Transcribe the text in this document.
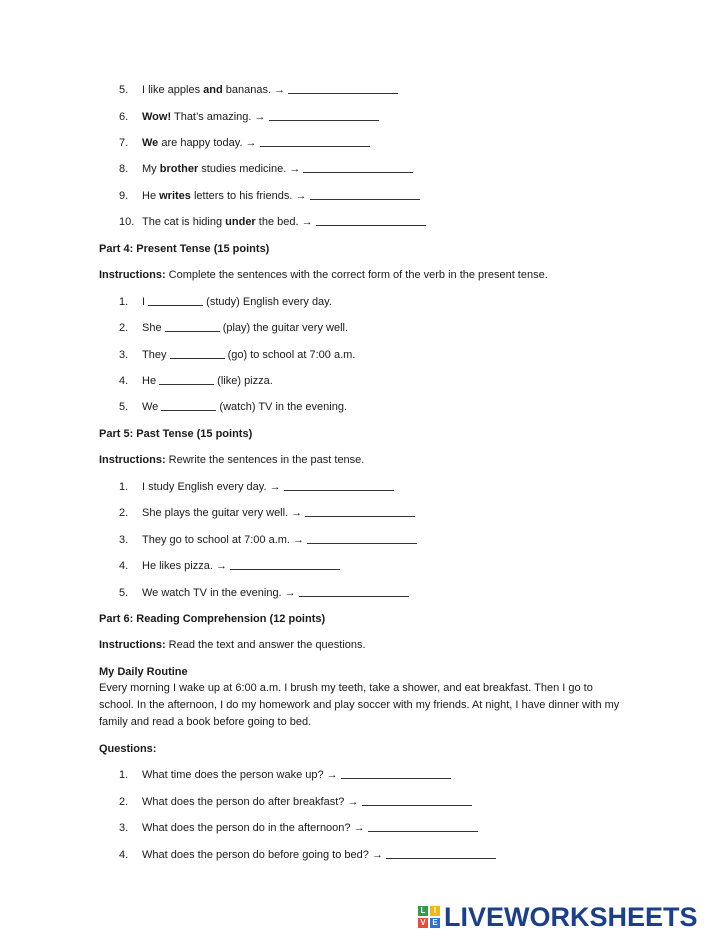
5. I like apples and bananas. →
6. Wow! That’s amazing. →
7. We are happy today. →
8. My brother studies medicine. →
9. He writes letters to his friends. →
10. The cat is hiding under the bed. →
Part 4: Present Tense (15 points)
Instructions: Complete the sentences with the correct form of the verb in the present tense.
1. I	(study) English every day.
2. She	(play) the guitar very well.
3. They	(go) to school at 7:00 a.m.
4. He	(like) pizza.
5. We	(watch) TV in the evening.
Part 5: Past Tense (15 points)
Instructions: Rewrite the sentences in the past tense.
1. I study English every day. →
2. She plays the guitar very well. →
3. They go to school at 7:00 a.m. →
4. He likes pizza. →
5. We watch TV in the evening. →
Part 6: Reading Comprehension (12 points)
Instructions: Read the text and answer the questions.
My Daily Routine
Every morning I wake up at 6:00 a.m. I brush my teeth, take a shower, and eat breakfast. Then I go to school. In the afternoon, I do my homework and play soccer with my friends. At night, I have dinner with my family and read a book before going to bed.
Questions:
1. What time does the person wake up? →
2. What does the person do after breakfast? →
3. What does the person do in the afternoon? →
4. What does the person do before going to bed? →
L	I
V E LIVEWORKSHEETS
